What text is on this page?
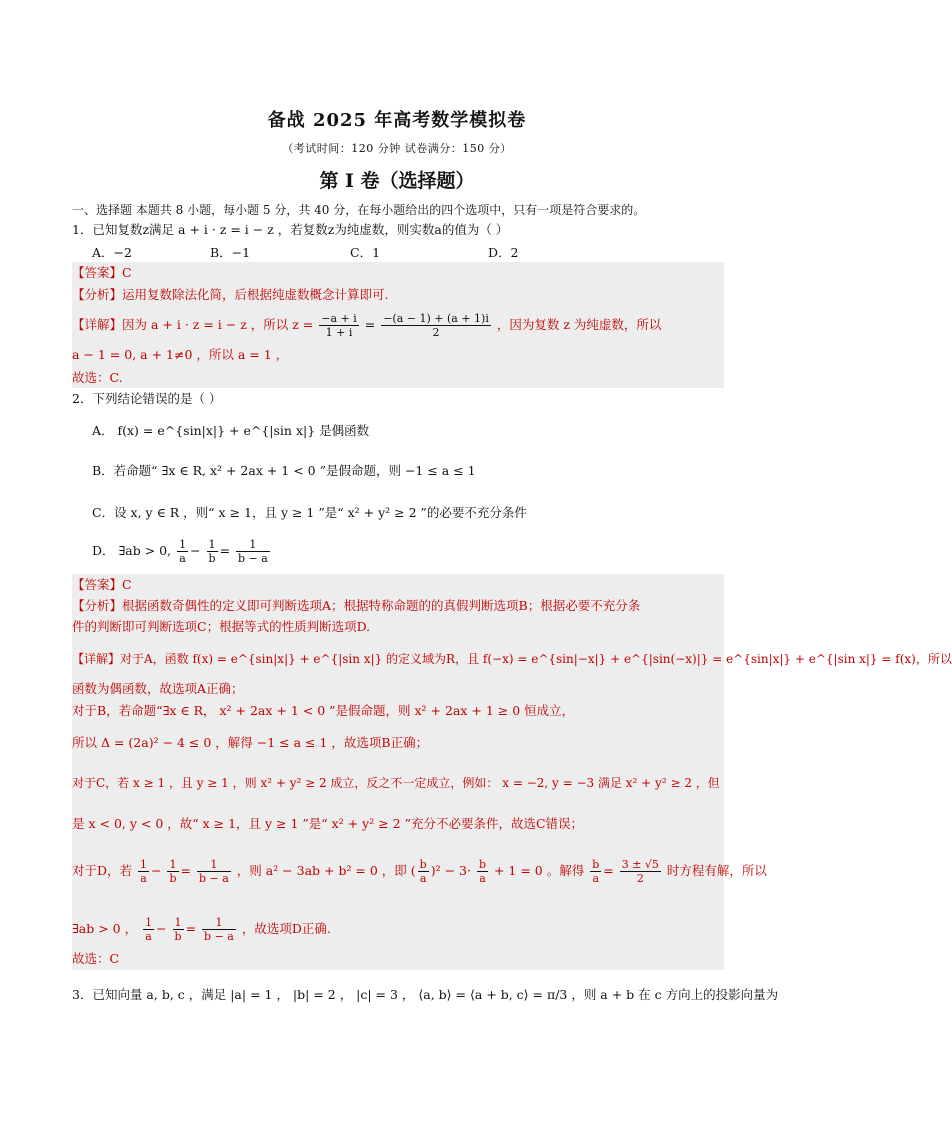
备战 2025 年高考数学模拟卷
（考试时间：120 分钟 试卷满分：150 分）
第 I 卷（选择题）
一、选择题 本题共 8 小题，每小题 5 分，共 40 分，在每小题给出的四个选项中，只有一项是符合要求的。
1．已知复数z满足 a + i · z = i − z ，若复数z为纯虚数，则实数a的值为（ ）
A．−2	B．−1	C．1	D．2
【答案】C
【分析】运用复数除法化简，后根据纯虚数概念计算即可.
【详解】因为 a + i · z = i − z ，所以 $z = \frac{-a + i}{1 + i} = \frac{-(a - 1) + (a + 1)i}{2}$ ，因为复数 z 为纯虚数，所以
a − 1 = 0, a + 1≠0 ，所以 a = 1 ，
故选：C.
2．下列结论错误的是（ ）
A． f(x) = e^{sin|x|} + e^{|sin x|} 是偶函数
B．若命题“ ∃x ∈ R, x² + 2ax + 1 < 0 ”是假命题，则 −1 ≤ a ≤ 1
C．设 x, y ∈ R ，则“ x ≥ 1，且 y ≥ 1 ”是“ x² + y² ≥ 2 ”的必要不充分条件
D． ∃ab > 0, $\frac{1}{a} - \frac{1}{b} = \frac{1}{b - a}$
【答案】C
【分析】根据函数奇偶性的定义即可判断选项A；根据特称命题的的真假判断选项B；根据必要不充分条
件的判断即可判断选项C；根据等式的性质判断选项D.
【详解】对于A，函数 f(x) = e^{sin|x|} + e^{|sin x|} 的定义域为R，且 f(−x) = e^{sin|−x|} + e^{|sin(−x)|} = e^{sin|x|} + e^{|sin x|} = f(x)，所以
函数为偶函数，故选项A正确；
对于B，若命题“∃x ∈ R， x² + 2ax + 1 < 0 ”是假命题，则 x² + 2ax + 1 ≥ 0 恒成立，
所以 Δ = (2a)² − 4 ≤ 0 ，解得 −1 ≤ a ≤ 1 ，故选项B正确；
对于C，若 x ≥ 1 ，且 y ≥ 1 ，则 x² + y² ≥ 2 成立，反之不一定成立，例如： x = −2, y = −3 满足 x² + y² ≥ 2 ，但
是 x < 0, y < 0 ，故“ x ≥ 1，且 y ≥ 1 ”是“ x² + y² ≥ 2 ”充分不必要条件，故选C错误；
对于D，若 $\frac{1}{a} - \frac{1}{b} = \frac{1}{b - a}$ ，则 a² − 3ab + b² = 0 ，即 ( $\frac{b}{a} )^2 - 3\cdot \frac{b}{a} + 1 = 0$ 。解得 $\frac{b}{a} = \frac{3 \pm √5}{2}$ 时方程有解，所以
∃ab > 0 ， $\frac{1}{a} - \frac{1}{b} = \frac{1}{b - a}$ ，故选项D正确.
故选：C
3．已知向量 a, b, c ，满足 |a| = 1 ， |b| = 2 ， |c| = 3 ， ⟨a, b⟩ = ⟨a + b, c⟩ = π/3 ，则 a + b 在 c 方向上的投影向量为
